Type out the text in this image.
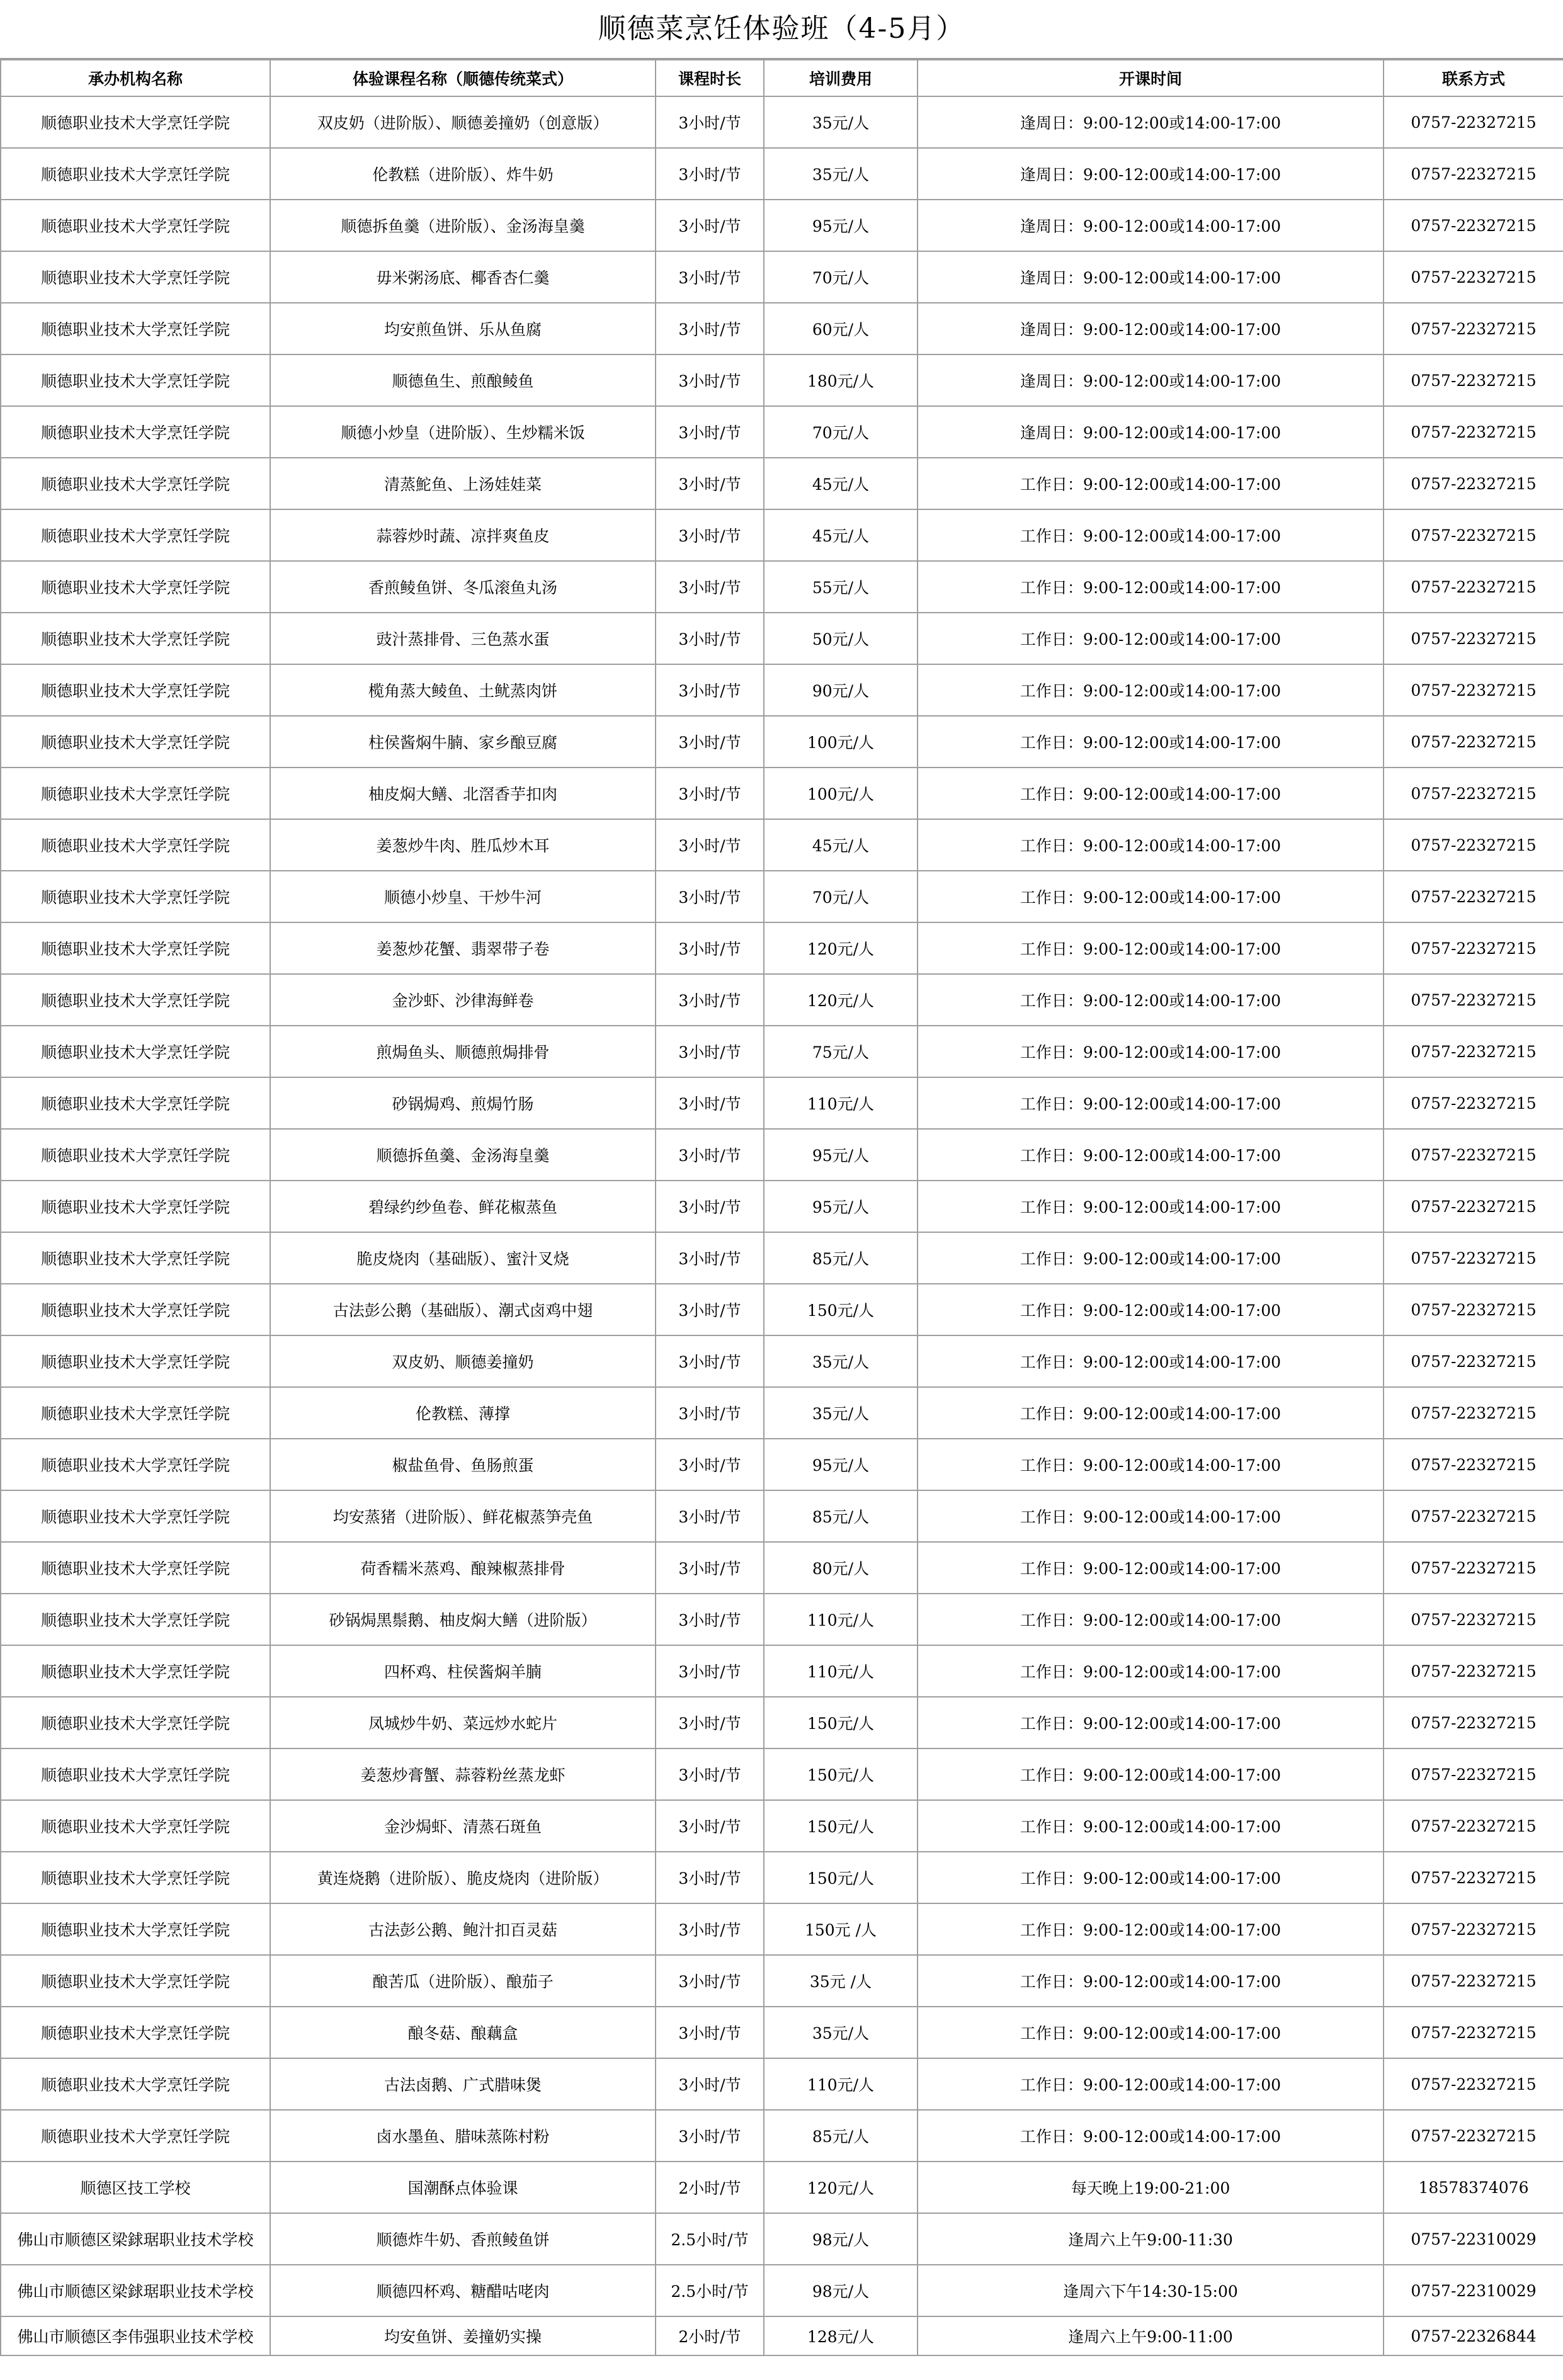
顺德菜烹饪体验班（4-5月）
承办机构名称	体验课程名称（顺德传统菜式）	课程时长	培训费用	开课时间	联系方式
顺德职业技术大学烹饪学院	双皮奶（进阶版）、顺德姜撞奶（创意版）	3小时/节	35元/人	逢周日：9:00-12:00或14:00-17:00	0757-22327215
顺德职业技术大学烹饪学院	伦教糕（进阶版）、炸牛奶	3小时/节	35元/人	逢周日：9:00-12:00或14:00-17:00	0757-22327215
顺德职业技术大学烹饪学院	顺德拆鱼羹（进阶版）、金汤海皇羹	3小时/节	95元/人	逢周日：9:00-12:00或14:00-17:00	0757-22327215
顺德职业技术大学烹饪学院	毋米粥汤底、椰香杏仁羹	3小时/节	70元/人	逢周日：9:00-12:00或14:00-17:00	0757-22327215
顺德职业技术大学烹饪学院	均安煎鱼饼、乐从鱼腐	3小时/节	60元/人	逢周日：9:00-12:00或14:00-17:00	0757-22327215
顺德职业技术大学烹饪学院	顺德鱼生、煎酿鲮鱼	3小时/节	180元/人	逢周日：9:00-12:00或14:00-17:00	0757-22327215
顺德职业技术大学烹饪学院	顺德小炒皇（进阶版）、生炒糯米饭	3小时/节	70元/人	逢周日：9:00-12:00或14:00-17:00	0757-22327215
顺德职业技术大学烹饪学院	清蒸鮀鱼、上汤娃娃菜	3小时/节	45元/人	工作日：9:00-12:00或14:00-17:00	0757-22327215
顺德职业技术大学烹饪学院	蒜蓉炒时蔬、凉拌爽鱼皮	3小时/节	45元/人	工作日：9:00-12:00或14:00-17:00	0757-22327215
顺德职业技术大学烹饪学院	香煎鲮鱼饼、冬瓜滚鱼丸汤	3小时/节	55元/人	工作日：9:00-12:00或14:00-17:00	0757-22327215
顺德职业技术大学烹饪学院	豉汁蒸排骨、三色蒸水蛋	3小时/节	50元/人	工作日：9:00-12:00或14:00-17:00	0757-22327215
顺德职业技术大学烹饪学院	榄角蒸大鲮鱼、土鱿蒸肉饼	3小时/节	90元/人	工作日：9:00-12:00或14:00-17:00	0757-22327215
顺德职业技术大学烹饪学院	柱侯酱焖牛腩、家乡酿豆腐	3小时/节	100元/人	工作日：9:00-12:00或14:00-17:00	0757-22327215
顺德职业技术大学烹饪学院	柚皮焖大鳝、北滘香芋扣肉	3小时/节	100元/人	工作日：9:00-12:00或14:00-17:00	0757-22327215
顺德职业技术大学烹饪学院	姜葱炒牛肉、胜瓜炒木耳	3小时/节	45元/人	工作日：9:00-12:00或14:00-17:00	0757-22327215
顺德职业技术大学烹饪学院	顺德小炒皇、干炒牛河	3小时/节	70元/人	工作日：9:00-12:00或14:00-17:00	0757-22327215
顺德职业技术大学烹饪学院	姜葱炒花蟹、翡翠带子卷	3小时/节	120元/人	工作日：9:00-12:00或14:00-17:00	0757-22327215
顺德职业技术大学烹饪学院	金沙虾、沙律海鲜卷	3小时/节	120元/人	工作日：9:00-12:00或14:00-17:00	0757-22327215
顺德职业技术大学烹饪学院	煎焗鱼头、顺德煎焗排骨	3小时/节	75元/人	工作日：9:00-12:00或14:00-17:00	0757-22327215
顺德职业技术大学烹饪学院	砂锅焗鸡、煎焗竹肠	3小时/节	110元/人	工作日：9:00-12:00或14:00-17:00	0757-22327215
顺德职业技术大学烹饪学院	顺德拆鱼羹、金汤海皇羹	3小时/节	95元/人	工作日：9:00-12:00或14:00-17:00	0757-22327215
顺德职业技术大学烹饪学院	碧绿约纱鱼卷、鲜花椒蒸鱼	3小时/节	95元/人	工作日：9:00-12:00或14:00-17:00	0757-22327215
顺德职业技术大学烹饪学院	脆皮烧肉（基础版）、蜜汁叉烧	3小时/节	85元/人	工作日：9:00-12:00或14:00-17:00	0757-22327215
顺德职业技术大学烹饪学院	古法彭公鹅（基础版）、潮式卤鸡中翅	3小时/节	150元/人	工作日：9:00-12:00或14:00-17:00	0757-22327215
顺德职业技术大学烹饪学院	双皮奶、顺德姜撞奶	3小时/节	35元/人	工作日：9:00-12:00或14:00-17:00	0757-22327215
顺德职业技术大学烹饪学院	伦教糕、薄撑	3小时/节	35元/人	工作日：9:00-12:00或14:00-17:00	0757-22327215
顺德职业技术大学烹饪学院	椒盐鱼骨、鱼肠煎蛋	3小时/节	95元/人	工作日：9:00-12:00或14:00-17:00	0757-22327215
顺德职业技术大学烹饪学院	均安蒸猪（进阶版）、鲜花椒蒸笋壳鱼	3小时/节	85元/人	工作日：9:00-12:00或14:00-17:00	0757-22327215
顺德职业技术大学烹饪学院	荷香糯米蒸鸡、酿辣椒蒸排骨	3小时/节	80元/人	工作日：9:00-12:00或14:00-17:00	0757-22327215
顺德职业技术大学烹饪学院	砂锅焗黑鬃鹅、柚皮焖大鳝（进阶版）	3小时/节	110元/人	工作日：9:00-12:00或14:00-17:00	0757-22327215
顺德职业技术大学烹饪学院	四杯鸡、柱侯酱焖羊腩	3小时/节	110元/人	工作日：9:00-12:00或14:00-17:00	0757-22327215
顺德职业技术大学烹饪学院	凤城炒牛奶、菜远炒水蛇片	3小时/节	150元/人	工作日：9:00-12:00或14:00-17:00	0757-22327215
顺德职业技术大学烹饪学院	姜葱炒膏蟹、蒜蓉粉丝蒸龙虾	3小时/节	150元/人	工作日：9:00-12:00或14:00-17:00	0757-22327215
顺德职业技术大学烹饪学院	金沙焗虾、清蒸石斑鱼	3小时/节	150元/人	工作日：9:00-12:00或14:00-17:00	0757-22327215
顺德职业技术大学烹饪学院	黄连烧鹅（进阶版）、脆皮烧肉（进阶版）	3小时/节	150元/人	工作日：9:00-12:00或14:00-17:00	0757-22327215
顺德职业技术大学烹饪学院	古法彭公鹅、鲍汁扣百灵菇	3小时/节	150元 /人	工作日：9:00-12:00或14:00-17:00	0757-22327215
顺德职业技术大学烹饪学院	酿苦瓜（进阶版）、酿茄子	3小时/节	35元 /人	工作日：9:00-12:00或14:00-17:00	0757-22327215
顺德职业技术大学烹饪学院	酿冬菇、酿藕盒	3小时/节	35元/人	工作日：9:00-12:00或14:00-17:00	0757-22327215
顺德职业技术大学烹饪学院	古法卤鹅、广式腊味煲	3小时/节	110元/人	工作日：9:00-12:00或14:00-17:00	0757-22327215
顺德职业技术大学烹饪学院	卤水墨鱼、腊味蒸陈村粉	3小时/节	85元/人	工作日：9:00-12:00或14:00-17:00	0757-22327215
顺德区技工学校	国潮酥点体验课	2小时/节	120元/人	每天晚上19:00-21:00	18578374076
佛山市顺德区梁銶琚职业技术学校	顺德炸牛奶、香煎鲮鱼饼	2.5小时/节	98元/人	逢周六上午9:00-11:30	0757-22310029
佛山市顺德区梁銶琚职业技术学校	顺德四杯鸡、糖醋咕咾肉	2.5小时/节	98元/人	逢周六下午14:30-15:00	0757-22310029
佛山市顺德区李伟强职业技术学校	均安鱼饼、姜撞奶实操	2小时/节	128元/人	逢周六上午9:00-11:00	0757-22326844
